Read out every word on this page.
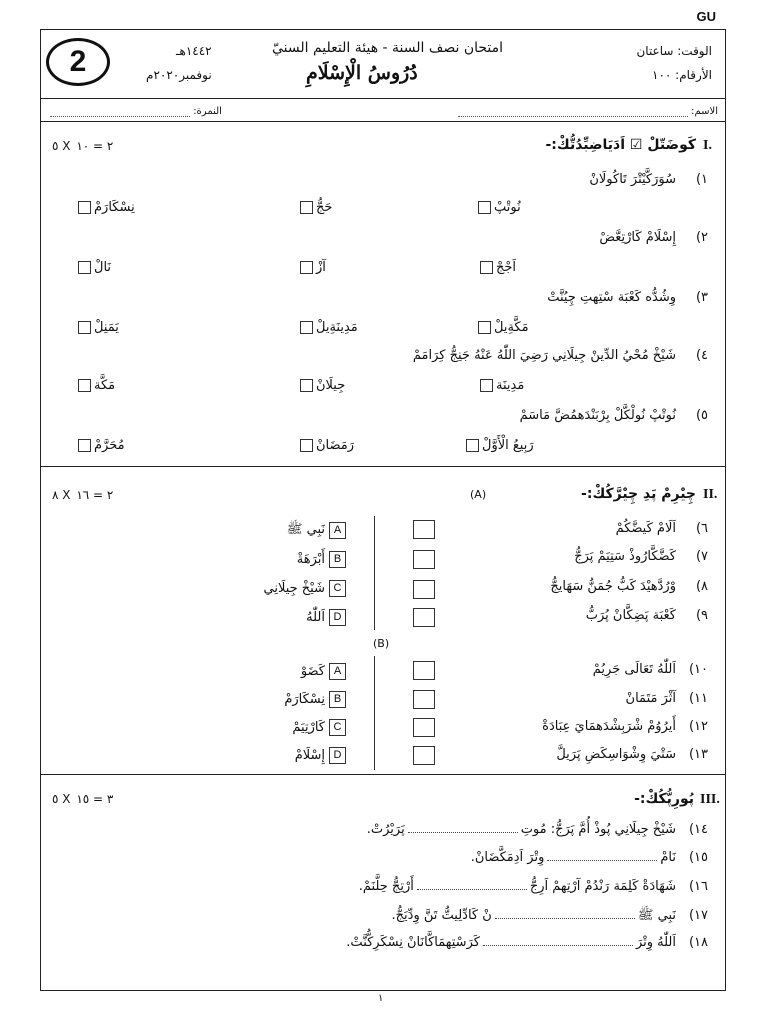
GU
2	الوقت: ساعتان
الأرقام: ١٠٠
١٤٤٢هـ
نوفمبر٢٠٢٠م
امتحان نصف السنة - هيئة التعليم السنيّ
دُرُوسُ الْإِسْلَامِ
الاسم:
النمرة:
I.
كَوضَتّلْ ☑ اَدَيَاضِبِّدُتُّكْ:-
٥ X ٢ = ١٠
١)سُوَرَكَّيْتْرَ تَاكُولَانْ
نُوتْپْ
حَجُّ
نِسْكَارَمْ
٢)إِسْلَامْ كَارْتِعَّضْ
اَجْجْ
آزْ
نَالْ
٣)وِشُدُّه كَعْبَة سْتِهتِ چِيُنَّتْ
مَكَّةِيلْ
مَدِينَةِيلْ
يَمَنِلْ
٤)شَيْخْ مُحْيُ الدِّينْ جِيلَانِي رَضِيَ اللّٰهُ عَنْهُ جَنِجُّ كِرَامَمْ
مَدِينَة
جِيلَانْ
مَكَّة
٥)نُوتْپْ نُولْكَّلْ بِرْبَنْدَهمُضَّ مَاسَمْ
رَبِيعُ الْأَوَّلْ
رَمَضَانْ
مُحَرَّمْ
II.
چِيْرِمْ پَدِ چِيْرَّكُكْ:-
٨ X ٢ = ١٦	(A)
٦)اَلَامْ كَيضَّكُمْ
A
نَبِي ﷺ
٧)كَضَّكَّارُوذْ سَتِيَمْ پَرَجُّ
B
أَبْرَهَةْ
٨)وْرُدَّهيْدَ كَبُّ جُمَنُّ سَهَايجُّ
C
شَيْخْ جِيلَانِي
٩)كَعْبَة پَضِكَّانْ پُرَبُّ
D
اَللّٰهُ
(B)
١٠)اَللّٰهُ تَعَالَى جَرِيُمْ
A
كَضَوْ
١١)آثْرَ مَتَمَانْ
B
نِسْكَارَمْ
١٢)أَيرُوُمْ شْرَبِشْدَهمَايَ عِبَادَةْ
C
كَارْتِيَمْ
١٣)سَتْيَ وِشْوَاسِكَضِ پَرَيلَّ
D
إِسْلَامْ
III.
پُورِپُّكُكْ:-
٥ X ٣ = ١٥
١٤)شَيْخْ جِيلَانِي پُوذْ أُمَّ پَرَجُّ: مُوتِپَرَيْرُتْ.
١٥)نَامْوِتْرَ اَدِمَكَّضَانْ.
١٦)شَهَادَةْ كَلِمَة رَنْدُمْ آرْتِهمْ اَرِجُّأَرْتِجُّ حِلَّنَمْ.
١٧)نَبِي ﷺنْ كَادِّلِيتُّ تَنَّ وِدِّيَجُّ.
١٨)اَللّٰهُ وِتْرَكَرَسْتِهمَاكَّانَانْ نِسْكَرِكُّنَّتْ.
١
